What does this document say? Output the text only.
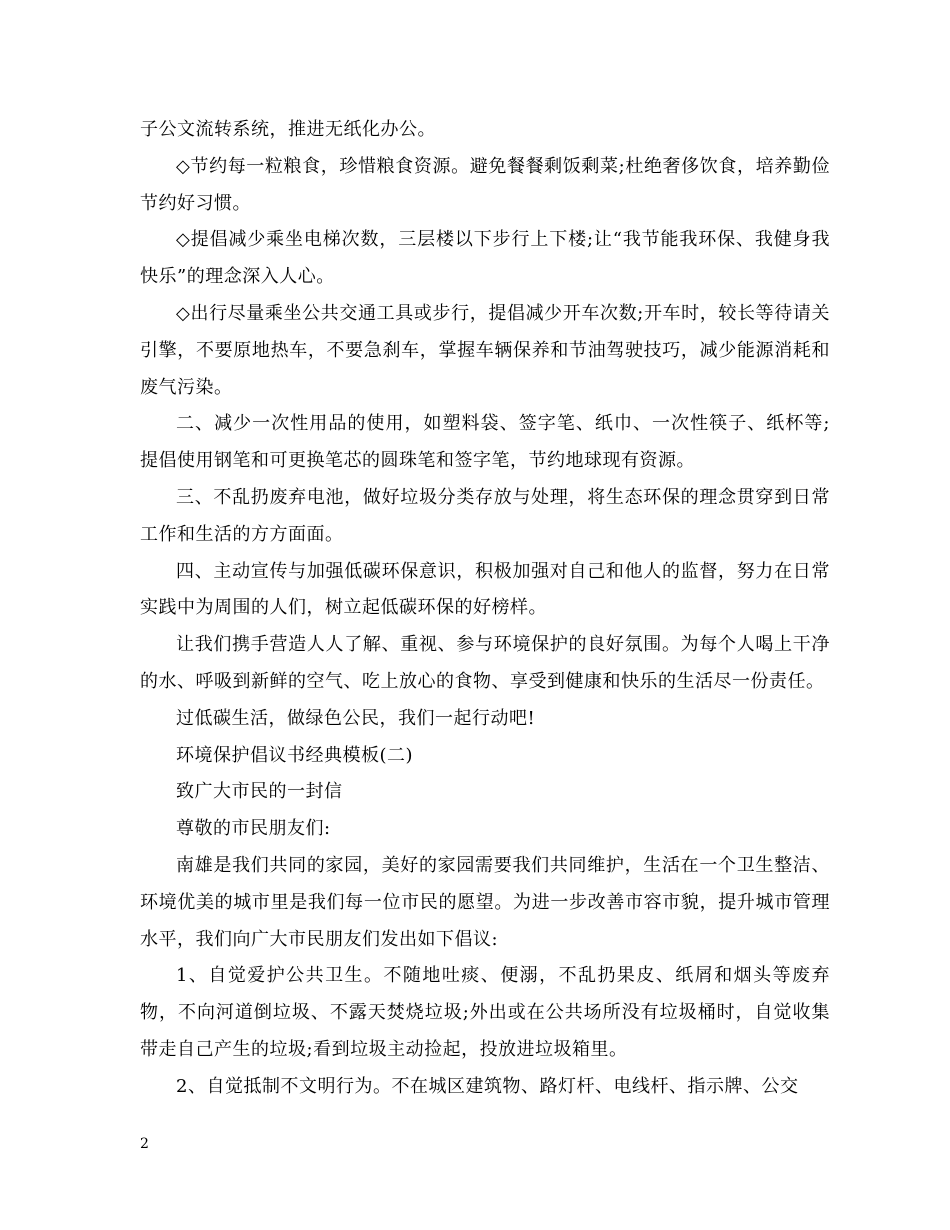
子公文流转系统，推进无纸化办公。

◇节约每一粒粮食，珍惜粮食资源。避免餐餐剩饭剩菜;杜绝奢侈饮食，培养勤俭节约好习惯。

◇提倡减少乘坐电梯次数，三层楼以下步行上下楼;让“我节能我环保、我健身我快乐”的理念深入人心。

◇出行尽量乘坐公共交通工具或步行，提倡减少开车次数;开车时，较长等待请关引擎，不要原地热车，不要急刹车，掌握车辆保养和节油驾驶技巧，减少能源消耗和废气污染。

二、减少一次性用品的使用，如塑料袋、签字笔、纸巾、一次性筷子、纸杯等;提倡使用钢笔和可更换笔芯的圆珠笔和签字笔，节约地球现有资源。

三、不乱扔废弃电池，做好垃圾分类存放与处理，将生态环保的理念贯穿到日常工作和生活的方方面面。

四、主动宣传与加强低碳环保意识，积极加强对自己和他人的监督，努力在日常实践中为周围的人们，树立起低碳环保的好榜样。

让我们携手营造人人了解、重视、参与环境保护的良好氛围。为每个人喝上干净的水、呼吸到新鲜的空气、吃上放心的食物、享受到健康和快乐的生活尽一份责任。

过低碳生活，做绿色公民，我们一起行动吧!

环境保护倡议书经典模板(二)

致广大市民的一封信

尊敬的市民朋友们:

南雄是我们共同的家园，美好的家园需要我们共同维护，生活在一个卫生整洁、环境优美的城市里是我们每一位市民的愿望。为进一步改善市容市貌，提升城市管理水平，我们向广大市民朋友们发出如下倡议:

1、自觉爱护公共卫生。不随地吐痰、便溺，不乱扔果皮、纸屑和烟头等废弃物，不向河道倒垃圾、不露天焚烧垃圾;外出或在公共场所没有垃圾桶时，自觉收集带走自己产生的垃圾;看到垃圾主动捡起，投放进垃圾箱里。

2、自觉抵制不文明行为。不在城区建筑物、路灯杆、电线杆、指示牌、公交

2
